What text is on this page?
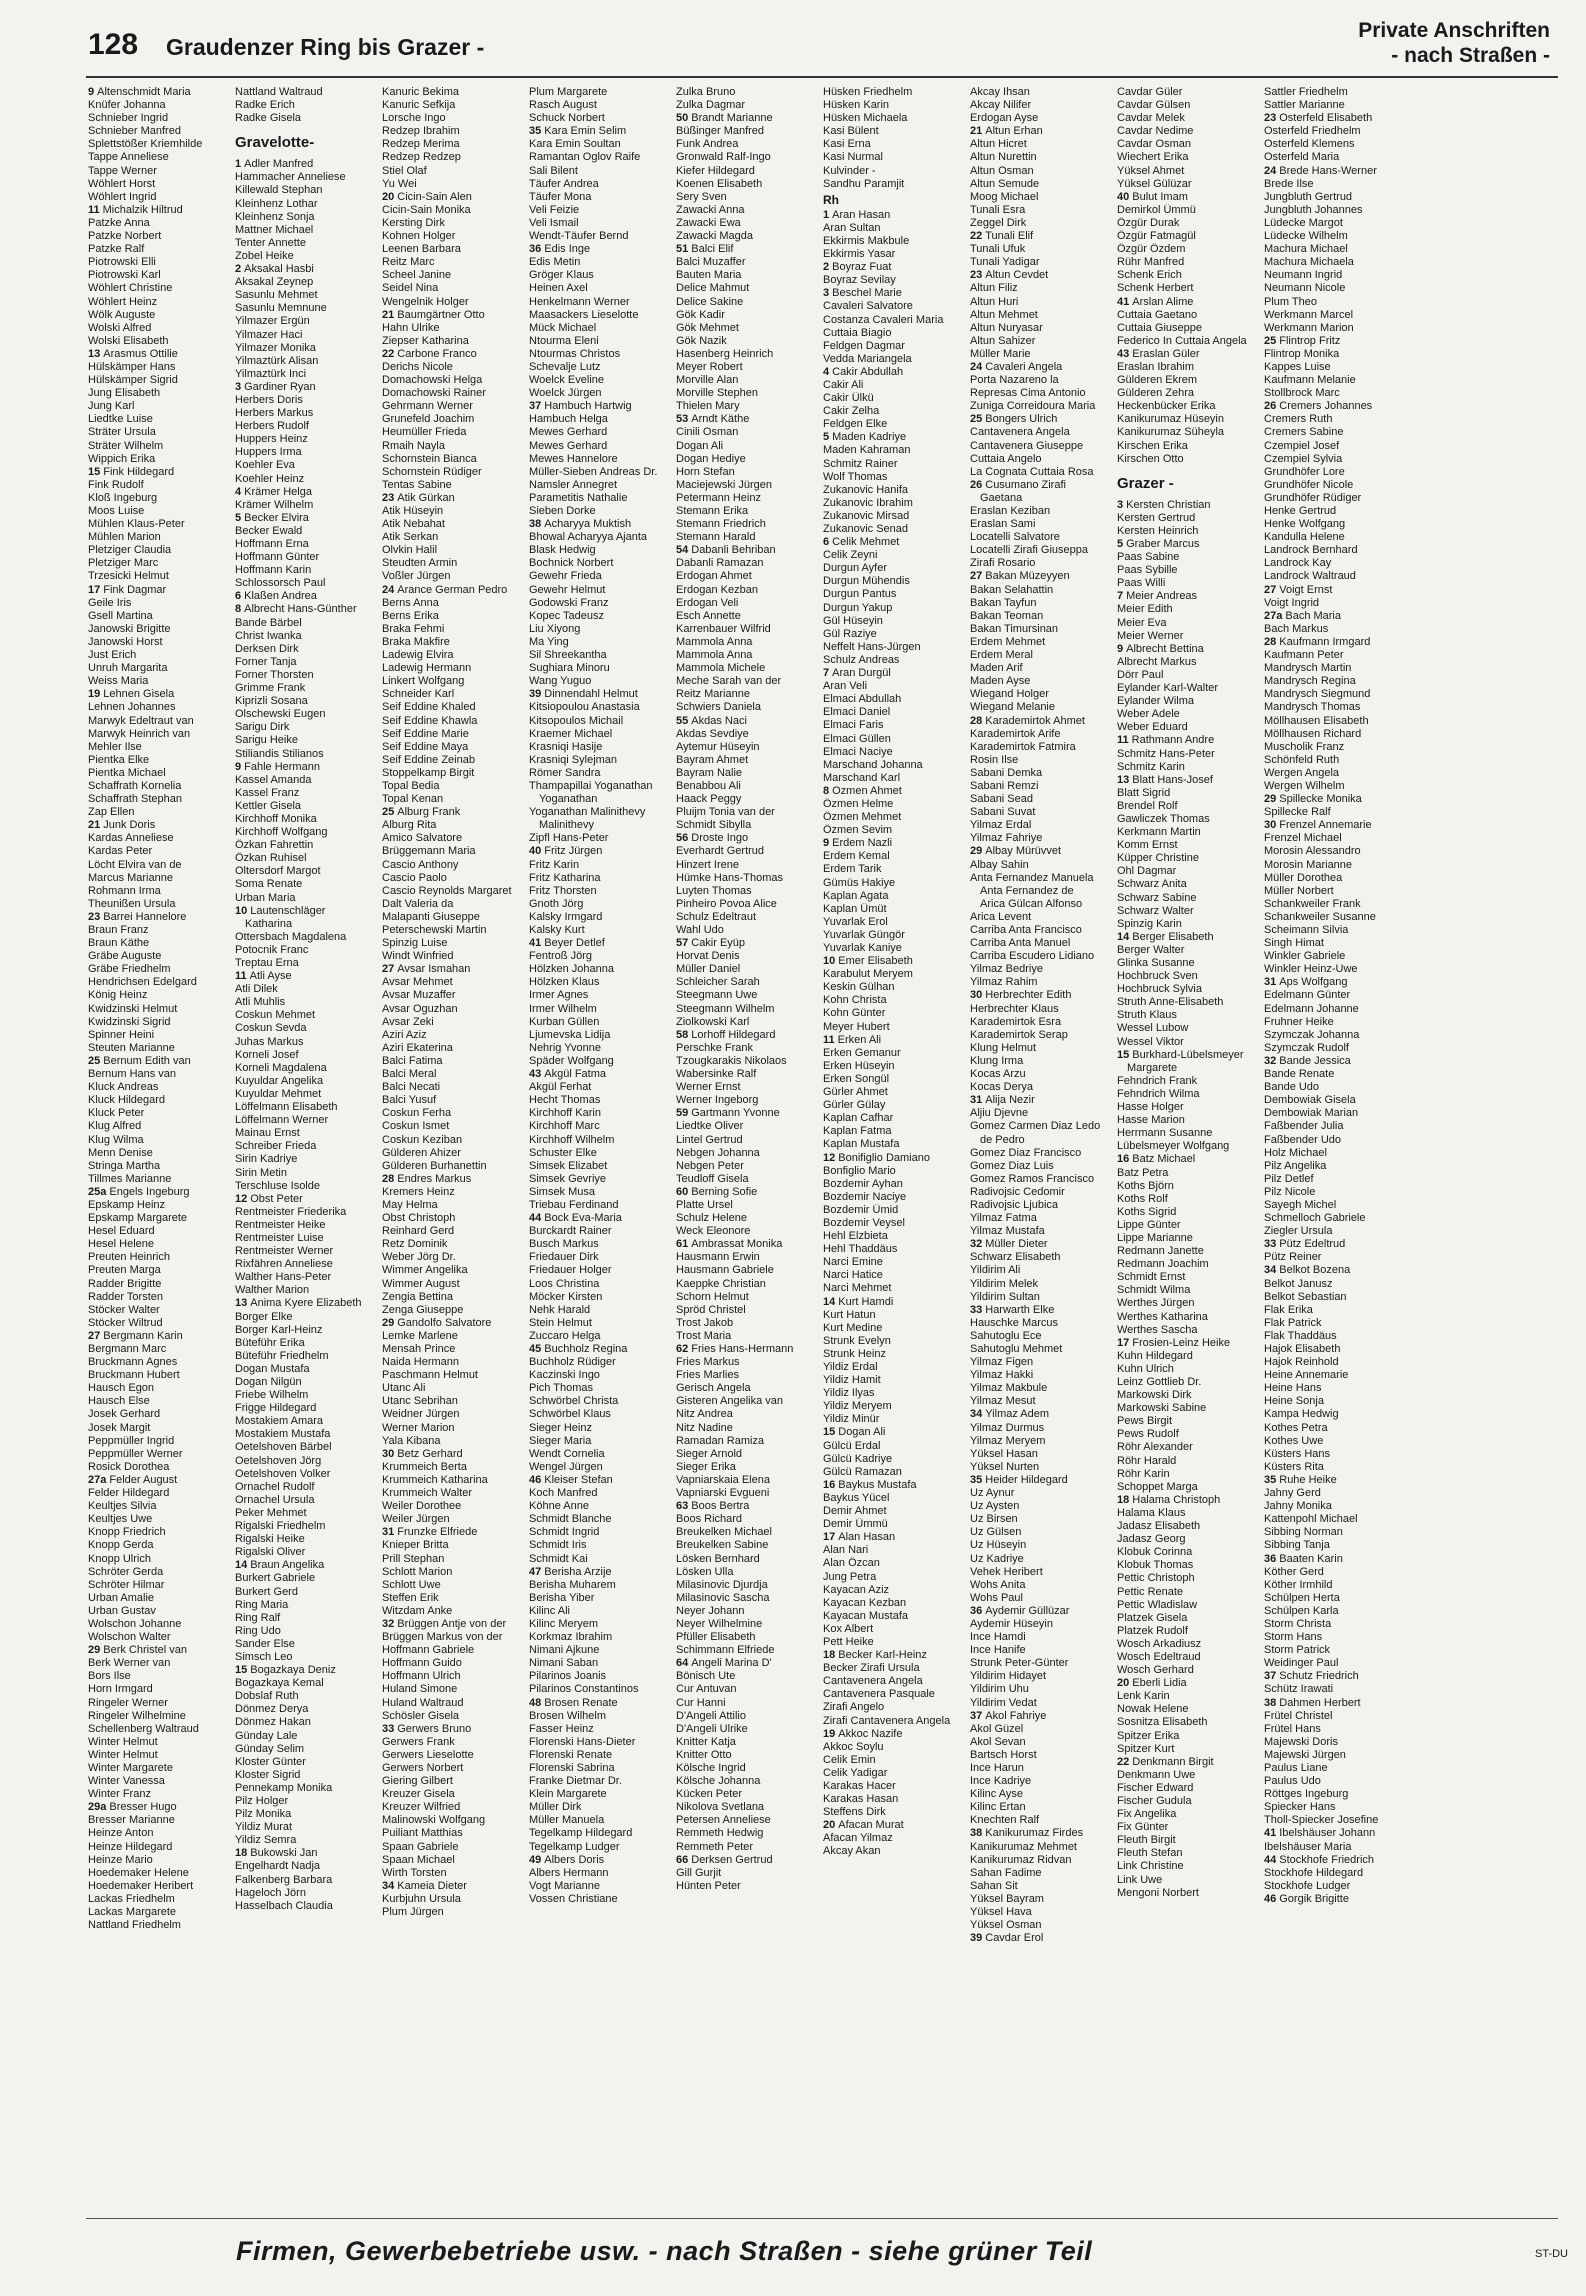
128 Graudenzer Ring bis Grazer -
Private Anschriften
- nach Straßen -
9 Altenschmidt Maria
Knüfer Johanna
Schnieber Ingrid
Schnieber Manfred
Splettstößer Kriemhilde
Tappe Anneliese
Tappe Werner
Wöhlert Horst
Wöhlert Ingrid
11 Michalzik Hiltrud
Patzke Anna
Patzke Norbert
Patzke Ralf
Piotrowski Elli
Piotrowski Karl
Wöhlert Christine
Wöhlert Heinz
Wölk Auguste
Wolski Alfred
Wolski Elisabeth
13 Arasmus Ottilie
Hülskämper Hans
Hülskämper Sigrid
Jung Elisabeth
Jung Karl
Liedtke Luise
Sträter Ursula
Sträter Wilhelm
Wippich Erika
15 Fink Hildegard
Fink Rudolf
Kloß Ingeburg
Moos Luise
Mühlen Klaus-Peter
Mühlen Marion
Pletziger Claudia
Pletziger Marc
Trzesicki Helmut
17 Fink Dagmar
Geile Iris
Gsell Martina
Janowski Brigitte
Janowski Horst
Just Erich
Unruh Margarita
Weiss Maria
19 Lehnen Gisela
Lehnen Johannes
Marwyk Edeltraut van
Marwyk Heinrich van
Mehler Ilse
Pientka Elke
Pientka Michael
Schaffrath Kornelia
Schaffrath Stephan
Zap Ellen
21 Junk Doris
Kardas Anneliese
Kardas Peter
Löcht Elvira van de
Marcus Marianne
Rohmann Irma
Theunißen Ursula
23 Barrei Hannelore
Braun Franz
Braun Käthe
Gräbe Auguste
Gräbe Friedhelm
Hendrichsen Edelgard
König Heinz
Kwidzinski Helmut
Kwidzinski Sigrid
Spinner Heini
Steuten Marianne
25 Bernum Edith van
Bernum Hans van
Kluck Andreas
Kluck Hildegard
Kluck Peter
Klug Alfred
Klug Wilma
Menn Denise
Stringa Martha
Tillmes Marianne
25a Engels Ingeburg
Epskamp Heinz
Epskamp Margarete
Hesel Eduard
Hesel Helene
Preuten Heinrich
Preuten Marga
Radder Brigitte
Radder Torsten
Stöcker Walter
Stöcker Wiltrud
27 Bergmann Karin
Bergmann Marc
Bruckmann Agnes
Bruckmann Hubert
Hausch Egon
Hausch Else
Josek Gerhard
Josek Margit
Peppmüller Ingrid
Peppmüller Werner
Rosick Dorothea
27a Felder August
Felder Hildegard
Keultjes Silvia
Keultjes Uwe
Knopp Friedrich
Knopp Gerda
Knopp Ulrich
Schröter Gerda
Schröter Hilmar
Urban Amalie
Urban Gustav
Wolschon Johanne
Wolschon Walter
29 Berk Christel van
Berk Werner van
Bors Ilse
Horn Irmgard
Ringeler Werner
Ringeler Wilhelmine
Schellenberg Waltraud
Winter Helmut
Winter Helmut
Winter Margarete
Winter Vanessa
Winter Franz
29a Bresser Hugo
Bresser Marianne
Heinze Anton
Heinze Hildegard
Heinze Mario
Hoedemaker Helene
Hoedemaker Heribert
Lackas Friedhelm
Lackas Margarete
Nattland Friedhelm
Nattland Waltraud
Radke Erich
Radke Gisela
Gravelotte-
1 Adler Manfred
Hammacher Anneliese
Killewald Stephan
Kleinhenz Lothar
Kleinhenz Sonja
Mattner Michael
Tenter Annette
Zobel Heike
2 Aksakal Hasbi
Aksakal Zeynep
Sasunlu Mehmet
Sasunlu Memnune
Yilmazer Ergün
Yilmazer Haci
Yilmazer Monika
Yilmaztürk Alisan
Yilmaztürk Inci
3 Gardiner Ryan
Herbers Doris
Herbers Markus
Herbers Rudolf
Huppers Heinz
Huppers Irma
Koehler Eva
Koehler Heinz
4 Krämer Helga
Krämer Wilhelm
5 Becker Elvira
Becker Ewald
Hoffmann Erna
Hoffmann Günter
Hoffmann Karin
Schlossorsch Paul
6 Klaßen Andrea
8 Albrecht Hans-Günther
Bande Bärbel
Christ Iwanka
Derksen Dirk
Forner Tanja
Forner Thorsten
Grimme Frank
Kiprizli Sosana
Olschewski Eugen
Sarigu Dirk
Sarigu Heike
Stiliandis Stilianos
9 Fahle Hermann
Kassel Amanda
Kassel Franz
Kettler Gisela
Kirchhoff Monika
Kirchhoff Wolfgang
Özkan Fahrettin
Özkan Ruhisel
Oltersdorf Margot
Soma Renate
Urban Maria
10 Lautenschläger
Katharina
Ottersbach Magdalena
Potocnik Franc
Treptau Erna
11 Atli Ayse
Atli Dilek
Atli Muhlis
Coskun Mehmet
Coskun Sevda
Juhas Markus
Korneli Josef
Korneli Magdalena
Kuyuldar Angelika
Kuyuldar Mehmet
Löffelmann Elisabeth
Löffelmann Werner
Mainau Ernst
Schreiber Frieda
Sirin Kadriye
Sirin Metin
Terschluse Isolde
12 Obst Peter
Rentmeister Friederika
Rentmeister Heike
Rentmeister Luise
Rentmeister Werner
Rixfähren Anneliese
Walther Hans-Peter
Walther Marion
13 Anima Kyere Elizabeth
Borger Elke
Borger Karl-Heinz
Büteführ Erika
Büteführ Friedhelm
Dogan Mustafa
Dogan Nilgün
Friebe Wilhelm
Frigge Hildegard
Mostakiem Amara
Mostakiem Mustafa
Oetelshoven Bärbel
Oetelshoven Jörg
Oetelshoven Volker
Ornachel Rudolf
Ornachel Ursula
Peker Mehmet
Rigalski Friedhelm
Rigalski Heike
Rigalski Oliver
14 Braun Angelika
Burkert Gabriele
Burkert Gerd
Ring Maria
Ring Ralf
Ring Udo
Sander Else
Simsch Leo
15 Bogazkaya Deniz
Bogazkaya Kemal
Dobslaf Ruth
Dönmez Derya
Dönmez Hakan
Günday Lale
Günday Selim
Kloster Günter
Kloster Sigrid
Pennekamp Monika
Pilz Holger
Pilz Monika
Yildiz Murat
Yildiz Semra
18 Bukowski Jan
Engelhardt Nadja
Falkenberg Barbara
Hageloch Jörn
Hasselbach Claudia
Kanuric Bekima
Kanuric Sefkija
Lorsche Ingo
Redzep Ibrahim
Redzep Merima
Redzep Redzep
Stiel Olaf
Yu Wei
20 Cicin-Sain Alen
Cicin-Sain Monika
Kersting Dirk
Kohnen Holger
Leenen Barbara
Reitz Marc
Scheel Janine
Seidel Nina
Wengelnik Holger
21 Baumgärtner Otto
Hahn Ulrike
Ziepser Katharina
22 Carbone Franco
Derichs Nicole
Domachowski Helga
Domachowski Rainer
Gehrmann Werner
Grunefeld Joachim
Heumüller Frieda
Rmaih Nayla
Schornstein Bianca
Schornstein Rüdiger
Tentas Sabine
23 Atik Gürkan
Atik Hüseyin
Atik Nebahat
Atik Serkan
Olvkin Halil
Steudten Armin
Voßler Jürgen
24 Arance German Pedro
Berns Anna
Berns Erika
Braka Fehmi
Braka Makfire
Ladewig Elvira
Ladewig Hermann
Linkert Wolfgang
Schneider Karl
Seif Eddine Khaled
Seif Eddine Khawla
Seif Eddine Marie
Seif Eddine Maya
Seif Eddine Zeinab
Stoppelkamp Birgit
Topal Bedia
Topal Kenan
25 Alburg Frank
Alburg Rita
Amico Salvatore
Brüggemann Maria
Cascio Anthony
Cascio Paolo
Cascio Reynolds Margaret
Dalt Valeria da
Malapanti Giuseppe
Peterschewski Martin
Spinzig Luise
Windt Winfried
27 Avsar Ismahan
Avsar Mehmet
Avsar Muzaffer
Avsar Oguzhan
Avsar Zeki
Aziri Aziz
Aziri Ekaterina
Balci Fatima
Balci Meral
Balci Necati
Balci Yusuf
Coskun Ferha
Coskun Ismet
Coskun Keziban
Gülderen Ahizer
Gülderen Burhanettin
28 Endres Markus
Kremers Heinz
May Helma
Obst Christoph
Reinhard Gerd
Retz Dominik
Weber Jörg Dr.
Wimmer Angelika
Wimmer August
Zengia Bettina
Zenga Giuseppe
29 Gandolfo Salvatore
Lemke Marlene
Mensah Prince
Naida Hermann
Paschmann Helmut
Utanc Ali
Utanc Sebrihan
Weidner Jürgen
Werner Marion
Yala Kibana
30 Betz Gerhard
Krummeich Berta
Krummeich Katharina
Krummeich Walter
Weiler Dorothee
Weiler Jürgen
31 Frunzke Elfriede
Knieper Britta
Prill Stephan
Schlott Marion
Schlott Uwe
Steffen Erik
Witzdam Anke
32 Brüggen Antje von der
Brüggen Markus von der
Hoffmann Gabriele
Hoffmann Guido
Hoffmann Ulrich
Huland Simone
Huland Waltraud
Schösler Gisela
33 Gerwers Bruno
Gerwers Frank
Gerwers Lieselotte
Gerwers Norbert
Giering Gilbert
Kreuzer Gisela
Kreuzer Wilfried
Malinowski Wolfgang
Puiliant Matthias
Spaan Gabriele
Spaan Michael
Wirth Torsten
34 Kameia Dieter
Kurbjuhn Ursula
Plum Jürgen
Plum Margarete
Rasch August
Schuck Norbert
35 Kara Emin Selim
Kara Emin Soultan
Ramantan Oglov Raife
Sali Bilent
Täufer Andrea
Täufer Mona
Veli Feizie
Veli Ismail
Wendt-Täufer Bernd
36 Edis Inge
Edis Metin
Gröger Klaus
Heinen Axel
Henkelmann Werner
Maasackers Lieselotte
Mück Michael
Ntourma Eleni
Ntourmas Christos
Schevalje Lutz
Woelck Eveline
Woelck Jürgen
37 Hambuch Hartwig
Hambuch Helga
Mewes Gerhard
Mewes Gerhard
Mewes Hannelore
Müller-Sieben Andreas Dr.
Namsler Annegret
Parametitis Nathalie
Sieben Dorke
38 Acharyya Muktish
Bhowal Acharyya Ajanta
Blask Hedwig
Bochnick Norbert
Gewehr Frieda
Gewehr Helmut
Godowski Franz
Kopec Tadeusz
Liu Xiyong
Ma Ying
Sil Shreekantha
Sughiara Minoru
Wang Yuguo
39 Dinnendahl Helmut
Kitsiopoulou Anastasia
Kitsopoulos Michail
Kraemer Michael
Krasniqi Hasije
Krasniqi Sylejman
Römer Sandra
Thampapillai Yoganathan
Yoganathan
Yoganathan Malinithevy
Malinithevy
Zipfl Hans-Peter
40 Fritz Jürgen
Fritz Karin
Fritz Katharina
Fritz Thorsten
Gnoth Jörg
Kalsky Irmgard
Kalsky Kurt
41 Beyer Detlef
Fentroß Jörg
Hölzken Johanna
Hölzken Klaus
Irmer Agnes
Irmer Wilhelm
Kurban Güllen
Ljumevska Lidija
Nehrig Yvonne
Späder Wolfgang
43 Akgül Fatma
Akgül Ferhat
Hecht Thomas
Kirchhoff Karin
Kirchhoff Marc
Kirchhoff Wilhelm
Schuster Elke
Simsek Elizabet
Simsek Gevriye
Simsek Musa
Triebau Ferdinand
44 Bock Eva-Maria
Burckardt Rainer
Busch Markus
Friedauer Dirk
Friedauer Holger
Loos Christina
Möcker Kirsten
Nehk Harald
Stein Helmut
Zuccaro Helga
45 Buchholz Regina
Buchholz Rüdiger
Kaczinski Ingo
Pich Thomas
Schwörbel Christa
Schwörbel Klaus
Sieger Heinz
Sieger Maria
Wendt Cornelia
Wengel Jürgen
46 Kleiser Stefan
Koch Manfred
Köhne Anne
Schmidt Blanche
Schmidt Ingrid
Schmidt Iris
Schmidt Kai
47 Berisha Arzije
Berisha Muharem
Berisha Yiber
Kilinc Ali
Kilinc Meryem
Korkmaz Ibrahim
Nimani Ajkune
Nimani Saban
Pilarinos Joanis
Pilarinos Constantinos
48 Brosen Renate
Brosen Wilhelm
Fasser Heinz
Florenski Hans-Dieter
Florenski Renate
Florenski Sabrina
Franke Dietmar Dr.
Klein Margarete
Müller Dirk
Müller Manuela
Tegelkamp Hildegard
Tegelkamp Ludger
49 Albers Doris
Albers Hermann
Vogt Marianne
Vossen Christiane
Zulka Bruno
Zulka Dagmar
50 Brandt Marianne
Büßinger Manfred
Funk Andrea
Gronwald Ralf-Ingo
Kiefer Hildegard
Koenen Elisabeth
Sery Sven
Zawacki Anna
Zawacki Ewa
Zawacki Magda
51 Balci Elif
Balci Muzaffer
Bauten Maria
Delice Mahmut
Delice Sakine
Gök Kadir
Gök Mehmet
Gök Nazik
Hasenberg Heinrich
Meyer Robert
Morville Alan
Morville Stephen
Thielen Mary
53 Arndt Käthe
Cinili Osman
Dogan Ali
Dogan Hediye
Horn Stefan
Maciejewski Jürgen
Petermann Heinz
Stemann Erika
Stemann Friedrich
Stemann Harald
54 Dabanli Behriban
Dabanli Ramazan
Erdogan Ahmet
Erdogan Kezban
Erdogan Veli
Esch Annette
Karrenbauer Wilfrid
Mammola Anna
Mammola Anna
Mammola Michele
Meche Sarah van der
Reitz Marianne
Schwiers Daniela
55 Akdas Naci
Akdas Sevdiye
Aytemur Hüseyin
Bayram Ahmet
Bayram Nalie
Benabbou Ali
Haack Peggy
Pluijm Tonia van der
Schmidt Sibylla
56 Droste Ingo
Everhardt Gertrud
Hinzert Irene
Hümke Hans-Thomas
Luyten Thomas
Pinheiro Povoa Alice
Schulz Edeltraut
Wahl Udo
57 Cakir Eyüp
Horvat Denis
Müller Daniel
Schleicher Sarah
Steegmann Uwe
Steegmann Wilhelm
Ziolkowski Karl
58 Lorhoff Hildegard
Perschke Frank
Tzougkarakis Nikolaos
Wabersinke Ralf
Werner Ernst
Werner Ingeborg
59 Gartmann Yvonne
Liedtke Oliver
Lintel Gertrud
Nebgen Johanna
Nebgen Peter
Teudloff Gisela
60 Berning Sofie
Platte Ursel
Schulz Helene
Weck Eleonore
61 Ambrassat Monika
Hausmann Erwin
Hausmann Gabriele
Kaeppke Christian
Schorn Helmut
Spröd Christel
Trost Jakob
Trost Maria
62 Fries Hans-Hermann
Fries Markus
Fries Marlies
Gerisch Angela
Gisteren Angelika van
Nitz Andrea
Nitz Nadine
Ramadan Ramiza
Sieger Arnold
Sieger Erika
Vapniarskaia Elena
Vapniarski Evgueni
63 Boos Bertra
Boos Richard
Breukelken Michael
Breukelken Sabine
Lösken Bernhard
Lösken Ulla
Milasinovic Djurdja
Milasinovic Sascha
Neyer Johann
Neyer Wilhelmine
Pfüller Elisabeth
Schimmann Elfriede
64 Angeli Marina D'
Bönisch Ute
Cur Antuvan
Cur Hanni
D'Angeli Attilio
D'Angeli Ulrike
Knitter Katja
Knitter Otto
Kölsche Ingrid
Kölsche Johanna
Kücken Peter
Nikolova Svetlana
Petersen Anneliese
Remmeth Hedwig
Remmeth Peter
66 Derksen Gertrud
Gill Gurjit
Hünten Peter
Hüsken Friedhelm
Hüsken Karin
Hüsken Michaela
Kasi Bülent
Kasi Erna
Kasi Nurmal
Kulvinder -
Sandhu Paramjit
Rh
1 Aran Hasan
Aran Sultan
Ekkirmis Makbule
Ekkirmis Yasar
2 Boyraz Fuat
Boyraz Sevilay
3 Beschel Marie
Cavaleri Salvatore
Costanza Cavaleri Maria
Cuttaia Biagio
Feldgen Dagmar
Vedda Mariangela
4 Cakir Abdullah
Cakir Ali
Cakir Ülkü
Cakir Zelha
Feldgen Elke
5 Maden Kadriye
Maden Kahraman
Schmitz Rainer
Wolf Thomas
Zukanovic Hanifa
Zukanovic Ibrahim
Zukanovic Mirsad
Zukanovic Senad
6 Celik Mehmet
Celik Zeyni
Durgun Ayfer
Durgun Mühendis
Durgun Pantus
Durgun Yakup
Gül Hüseyin
Gül Raziye
Neffelt Hans-Jürgen
Schulz Andreas
7 Aran Durgül
Aran Veli
Elmaci Abdullah
Elmaci Daniel
Elmaci Faris
Elmaci Güllen
Elmaci Naciye
Marschand Johanna
Marschand Karl
8 Ozmen Ahmet
Özmen Helme
Özmen Mehmet
Özmen Sevim
9 Erdem Nazli
Erdem Kemal
Erdem Tarik
Gümüs Hakiye
Kaplan Agata
Kaplan Ümüt
Yuvarlak Erol
Yuvarlak Güngör
Yuvarlak Kaniye
10 Emer Elisabeth
Karabulut Meryem
Keskin Gülhan
Kohn Christa
Kohn Günter
Meyer Hubert
11 Erken Ali
Erken Gemanur
Erken Hüseyin
Erken Songül
Gürler Ahmet
Gürler Gülay
Kaplan Cafhar
Kaplan Fatma
Kaplan Mustafa
12 Bonifiglio Damiano
Bonfiglio Mario
Bozdemir Ayhan
Bozdemir Naciye
Bozdemir Ümid
Bozdemir Veysel
Hehl Elzbieta
Hehl Thaddäus
Narci Emine
Narci Hatice
Narci Mehmet
14 Kurt Hamdi
Kurt Hatun
Kurt Medine
Strunk Evelyn
Strunk Heinz
Yildiz Erdal
Yildiz Hamit
Yildiz Ilyas
Yildiz Meryem
Yildiz Minür
15 Dogan Ali
Gülcü Erdal
Gülcü Kadriye
Gülcü Ramazan
16 Baykus Mustafa
Baykus Yücel
Demir Ahmet
Demir Ümmü
17 Alan Hasan
Alan Nari
Alan Özcan
Jung Petra
Kayacan Aziz
Kayacan Kezban
Kayacan Mustafa
Kox Albert
Pett Heike
18 Becker Karl-Heinz
Becker Zirafi Ursula
Cantavenera Angela
Cantavenera Pasquale
Zirafi Angelo
Zirafi Cantavenera Angela
19 Akkoc Nazife
Akkoc Soylu
Celik Emin
Celik Yadigar
Karakas Hacer
Karakas Hasan
Steffens Dirk
20 Afacan Murat
Afacan Yilmaz
Akcay Akan
Akcay Ihsan
Akcay Nilifer
Erdogan Ayse
21 Altun Erhan
Altun Hicret
Altun Nurettin
Altun Osman
Altun Semude
Moog Michael
Tunali Esra
Zeggel Dirk
22 Tunali Elif
Tunali Ufuk
Tunali Yadigar
23 Altun Cevdet
Altun Filiz
Altun Huri
Altun Mehmet
Altun Nuryasar
Altun Sahizer
Müller Marie
24 Cavaleri Angela
Porta Nazareno la
Represas Cima Antonio
Zuniga Correidoura Maria
25 Bongers Ulrich
Cantavenera Angela
Cantavenera Giuseppe
Cuttaia Angelo
La Cognata Cuttaia Rosa
26 Cusumano Zirafi
Gaetana
Eraslan Keziban
Eraslan Sami
Locatelli Salvatore
Locatelli Zirafi Giuseppa
Zirafi Rosario
27 Bakan Müzeyyen
Bakan Selahattin
Bakan Tayfun
Bakan Teoman
Bakan Timursinan
Erdem Mehmet
Erdem Meral
Maden Arif
Maden Ayse
Wiegand Holger
Wiegand Melanie
28 Karademirtok Ahmet
Karademirtok Arife
Karademirtok Fatmira
Rosin Ilse
Sabani Demka
Sabani Remzi
Sabani Sead
Sabani Suvat
Yilmaz Erdal
Yilmaz Fahriye
29 Albay Mürüvvet
Albay Sahin
Anta Fernandez Manuela
Anta Fernandez de
Arica Gülcan Alfonso
Arica Levent
Carriba Anta Francisco
Carriba Anta Manuel
Carriba Escudero Lidiano
Yilmaz Bedriye
Yilmaz Rahim
30 Herbrechter Edith
Herbrechter Klaus
Karademirtok Esra
Karademirtok Serap
Klung Helmut
Klung Irma
Kocas Arzu
Kocas Derya
31 Alija Nezir
Aljiu Djevne
Gomez Carmen Diaz Ledo
de Pedro
Gomez Diaz Francisco
Gomez Diaz Luis
Gomez Ramos Francisco
Radivojsic Cedomir
Radivojsic Ljubica
Yilmaz Fatma
Yilmaz Mustafa
32 Müller Dieter
Schwarz Elisabeth
Yildirim Ali
Yildirim Melek
Yildirim Sultan
33 Harwarth Elke
Hauschke Marcus
Sahutoglu Ece
Sahutoglu Mehmet
Yilmaz Figen
Yilmaz Hakki
Yilmaz Makbule
Yilmaz Mesut
34 Yilmaz Adem
Yilmaz Durmus
Yilmaz Meryem
Yüksel Hasan
Yüksel Nurten
35 Heider Hildegard
Uz Aynur
Uz Aysten
Uz Birsen
Uz Gülsen
Uz Hüseyin
Uz Kadriye
Vehek Heribert
Wohs Anita
Wohs Paul
36 Aydemir Güllüzar
Aydemir Hüseyin
Ince Hamdi
Ince Hanife
Strunk Peter-Günter
Yildirim Hidayet
Yildirim Uhu
Yildirim Vedat
37 Akol Fahriye
Akol Güzel
Akol Sevan
Bartsch Horst
Ince Harun
Ince Kadriye
Kilinc Ayse
Kilinc Ertan
Knechten Ralf
38 Kanikurumaz Firdes
Kanikurumaz Mehmet
Kanikurumaz Ridvan
Sahan Fadime
Sahan Sit
Yüksel Bayram
Yüksel Hava
Yüksel Osman
39 Cavdar Erol
Cavdar Güler
Cavdar Gülsen
Cavdar Melek
Cavdar Nedime
Cavdar Osman
Wiechert Erika
Yüksel Ahmet
Yüksel Gülüzar
40 Bulut Imam
Demirkol Ümmü
Özgür Durak
Özgür Fatmagül
Özgür Özdem
Rühr Manfred
Schenk Erich
Schenk Herbert
41 Arslan Alime
Cuttaia Gaetano
Cuttaia Giuseppe
Federico In Cuttaia Angela
43 Eraslan Güler
Eraslan Ibrahim
Gülderen Ekrem
Gülderen Zehra
Heckenbücker Erika
Kanikurumaz Hüseyin
Kanikurumaz Süheyla
Kirschen Erika
Kirschen Otto
Grazer -
3 Kersten Christian
Kersten Gertrud
Kersten Heinrich
5 Graber Marcus
Paas Sabine
Paas Sybille
Paas Willi
7 Meier Andreas
Meier Edith
Meier Eva
Meier Werner
9 Albrecht Bettina
Albrecht Markus
Dörr Paul
Eylander Karl-Walter
Eylander Wilma
Weber Adele
Weber Eduard
11 Rathmann Andre
Schmitz Hans-Peter
Schmitz Karin
13 Blatt Hans-Josef
Blatt Sigrid
Brendel Rolf
Gawliczek Thomas
Kerkmann Martin
Komm Ernst
Küpper Christine
Ohl Dagmar
Schwarz Anita
Schwarz Sabine
Schwarz Walter
Spinzig Karin
14 Berger Elisabeth
Berger Walter
Glinka Susanne
Hochbruck Sven
Hochbruck Sylvia
Struth Anne-Elisabeth
Struth Klaus
Wessel Lubow
Wessel Viktor
15 Burkhard-Lübelsmeyer
Margarete
Fehndrich Frank
Fehndrich Wilma
Hasse Holger
Hasse Marion
Herrmann Susanne
Lübelsmeyer Wolfgang
16 Batz Michael
Batz Petra
Koths Björn
Koths Rolf
Koths Sigrid
Lippe Günter
Lippe Marianne
Redmann Janette
Redmann Joachim
Schmidt Ernst
Schmidt Wilma
Werthes Jürgen
Werthes Katharina
Werthes Sascha
17 Frosien-Leinz Heike
Kuhn Hildegard
Kuhn Ulrich
Leinz Gottlieb Dr.
Markowski Dirk
Markowski Sabine
Pews Birgit
Pews Rudolf
Röhr Alexander
Röhr Harald
Röhr Karin
Schoppet Marga
18 Halama Christoph
Halama Klaus
Jadasz Elisabeth
Jadasz Georg
Klobuk Corinna
Klobuk Thomas
Pettic Christoph
Pettic Renate
Pettic Wladislaw
Platzek Gisela
Platzek Rudolf
Wosch Arkadiusz
Wosch Edeltraud
Wosch Gerhard
20 Eberli Lidia
Lenk Karin
Nowak Helene
Sosnitza Elisabeth
Spitzer Erika
Spitzer Kurt
22 Denkmann Birgit
Denkmann Uwe
Fischer Edward
Fischer Gudula
Fix Angelika
Fix Günter
Fleuth Birgit
Fleuth Stefan
Link Christine
Link Uwe
Mengoni Norbert
Sattler Friedhelm
Sattler Marianne
23 Osterfeld Elisabeth
Osterfeld Friedhelm
Osterfeld Klemens
Osterfeld Maria
24 Brede Hans-Werner
Brede Ilse
Jungbluth Gertrud
Jungbluth Johannes
Lüdecke Margot
Lüdecke Wilhelm
Machura Michael
Machura Michaela
Neumann Ingrid
Neumann Nicole
Plum Theo
Werkmann Marcel
Werkmann Marion
25 Flintrop Fritz
Flintrop Monika
Kappes Luise
Kaufmann Melanie
Stollbrock Marc
26 Cremers Johannes
Cremers Ruth
Cremers Sabine
Czempiel Josef
Czempiel Sylvia
Grundhöfer Lore
Grundhöfer Nicole
Grundhöfer Rüdiger
Henke Gertrud
Henke Wolfgang
Kandulla Helene
Landrock Bernhard
Landrock Kay
Landrock Waltraud
27 Voigt Ernst
Voigt Ingrid
27a Bach Maria
Bach Markus
28 Kaufmann Irmgard
Kaufmann Peter
Mandrysch Martin
Mandrysch Regina
Mandrysch Siegmund
Mandrysch Thomas
Möllhausen Elisabeth
Möllhausen Richard
Muscholik Franz
Schönfeld Ruth
Wergen Angela
Wergen Wilhelm
29 Spillecke Monika
Spillecke Ralf
30 Frenzel Annemarie
Frenzel Michael
Morosin Alessandro
Morosin Marianne
Müller Dorothea
Müller Norbert
Schankweiler Frank
Schankweiler Susanne
Scheimann Silvia
Singh Himat
Winkler Gabriele
Winkler Heinz-Uwe
31 Aps Wolfgang
Edelmann Günter
Edelmann Johanne
Fruhner Heike
Szymczak Johanna
Szymczak Rudolf
32 Bande Jessica
Bande Renate
Bande Udo
Dembowiak Gisela
Dembowiak Marian
Faßbender Julia
Faßbender Udo
Holz Michael
Pilz Angelika
Pilz Detlef
Pilz Nicole
Sayegh Michel
Schmelloch Gabriele
Ziegler Ursula
33 Pütz Edeltrud
Pütz Reiner
34 Belkot Bozena
Belkot Janusz
Belkot Sebastian
Flak Erika
Flak Patrick
Flak Thaddäus
Hajok Elisabeth
Hajok Reinhold
Heine Annemarie
Heine Hans
Heine Sonja
Kampa Hedwig
Kothes Petra
Kothes Uwe
Küsters Hans
Küsters Rita
35 Ruhe Heike
Jahny Gerd
Jahny Monika
Kattenpohl Michael
Sibbing Norman
Sibbing Tanja
36 Baaten Karin
Köther Gerd
Köther Irmhild
Schülpen Herta
Schülpen Karla
Storm Christa
Storm Hans
Storm Patrick
Weidinger Paul
37 Schutz Friedrich
Schütz Irawati
38 Dahmen Herbert
Frütel Christel
Frütel Hans
Majewski Doris
Majewski Jürgen
Paulus Liane
Paulus Udo
Röttges Ingeburg
Spiecker Hans
Tholl-Spiecker Josefine
41 Ibelshäuser Johann
Ibelshäuser Maria
44 Stockhofe Friedrich
Stockhofe Hildegard
Stockhofe Ludger
46 Gorgik Brigitte
Firmen, Gewerbebetriebe usw. - nach Straßen - siehe grüner Teil	ST-DU
